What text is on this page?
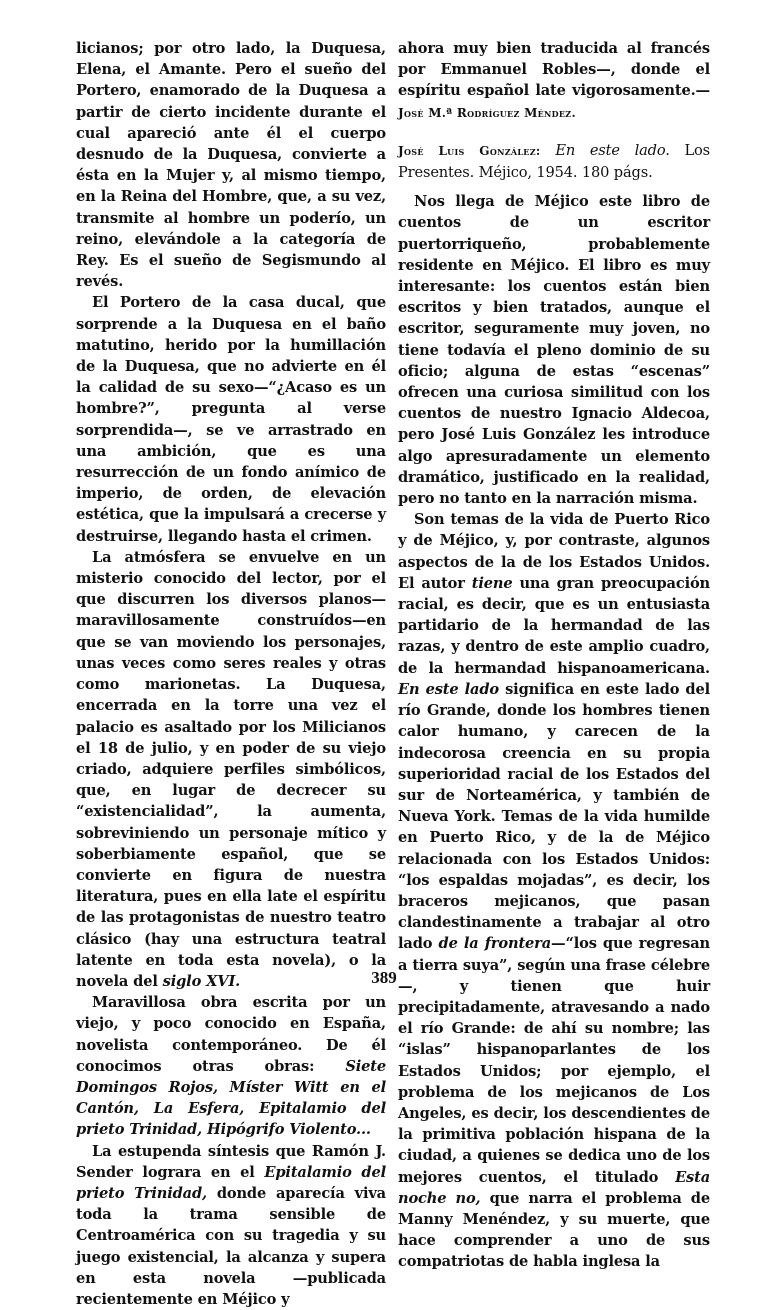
licianos; por otro lado, la Duquesa, Elena, el Amante. Pero el sueño del Portero, enamorado de la Duquesa a partir de cierto incidente durante el cual apareció ante él el cuerpo desnudo de la Duquesa, convierte a ésta en la Mujer y, al mismo tiempo, en la Reina del Hombre, que, a su vez, transmite al hombre un poderío, un reino, elevándole a la categoría de Rey. Es el sueño de Segismundo al revés.

El Portero de la casa ducal, que sorprende a la Duquesa en el baño matutino, herido por la humillación de la Duquesa, que no advierte en él la calidad de su sexo—“¿Acaso es un hombre?”, pregunta al verse sorprendida—, se ve arrastrado en una ambición, que es una resurrección de un fondo anímico de imperio, de orden, de elevación estética, que la impulsará a crecerse y destruirse, llegando hasta el crimen.

La atmósfera se envuelve en un misterio conocido del lector, por el que discurren los diversos planos—maravillosamente construídos—en que se van moviendo los personajes, unas veces como seres reales y otras como marionetas. La Duquesa, encerrada en la torre una vez el palacio es asaltado por los Milicianos el 18 de julio, y en poder de su viejo criado, adquiere perfiles simbólicos, que, en lugar de decrecer su “existencialidad”, la aumenta, sobreviniendo un personaje mítico y soberbiamente español, que se convierte en figura de nuestra literatura, pues en ella late el espíritu de las protagonistas de nuestro teatro clásico (hay una estructura teatral latente en toda esta novela), o la novela del siglo XVI.

Maravillosa obra escrita por un viejo, y poco conocido en España, novelista contemporáneo. De él conocimos otras obras: Siete Domingos Rojos, Míster Witt en el Cantón, La Esfera, Epitalamio del prieto Trinidad, Hipógrifo Violento...

La estupenda síntesis que Ramón J. Sender lograra en el Epitalamio del prieto Trinidad, donde aparecía viva toda la trama sensible de Centroamérica con su tragedia y su juego existencial, la alcanza y supera en esta novela —publicada recientemente en Méjico y

ahora muy bien traducida al francés por Emmanuel Robles—, donde el espíritu español late vigorosamente.—José M.ª Rodríguez Méndez.

José Luis González: En este lado. Los Presentes. Méjico, 1954. 180 págs.

Nos llega de Méjico este libro de cuentos de un escritor puertorriqueño, probablemente residente en Méjico. El libro es muy interesante: los cuentos están bien escritos y bien tratados, aunque el escritor, seguramente muy joven, no tiene todavía el pleno dominio de su oficio; alguna de estas “escenas” ofrecen una curiosa similitud con los cuentos de nuestro Ignacio Aldecoa, pero José Luis González les introduce algo apresuradamente un elemento dramático, justificado en la realidad, pero no tanto en la narración misma.

Son temas de la vida de Puerto Rico y de Méjico, y, por contraste, algunos aspectos de la de los Estados Unidos. El autor tiene una gran preocupación racial, es decir, que es un entusiasta partidario de la hermandad de las razas, y dentro de este amplio cuadro, de la hermandad hispanoamericana. En este lado significa en este lado del río Grande, donde los hombres tienen calor humano, y carecen de la indecorosa creencia en su propia superioridad racial de los Estados del sur de Norteamérica, y también de Nueva York. Temas de la vida humilde en Puerto Rico, y de la de Méjico relacionada con los Estados Unidos: “los espaldas mojadas”, es decir, los braceros mejicanos, que pasan clandestinamente a trabajar al otro lado de la frontera—“los que regresan a tierra suya”, según una frase célebre—, y tienen que huir precipitadamente, atravesando a nado el río Grande: de ahí su nombre; las “islas” hispanoparlantes de los Estados Unidos; por ejemplo, el problema de los mejicanos de Los Angeles, es decir, los descendientes de la primitiva población hispana de la ciudad, a quienes se dedica uno de los mejores cuentos, el titulado Esta noche no, que narra el problema de Manny Menéndez, y su muerte, que hace comprender a uno de sus compatriotas de habla inglesa la

389
